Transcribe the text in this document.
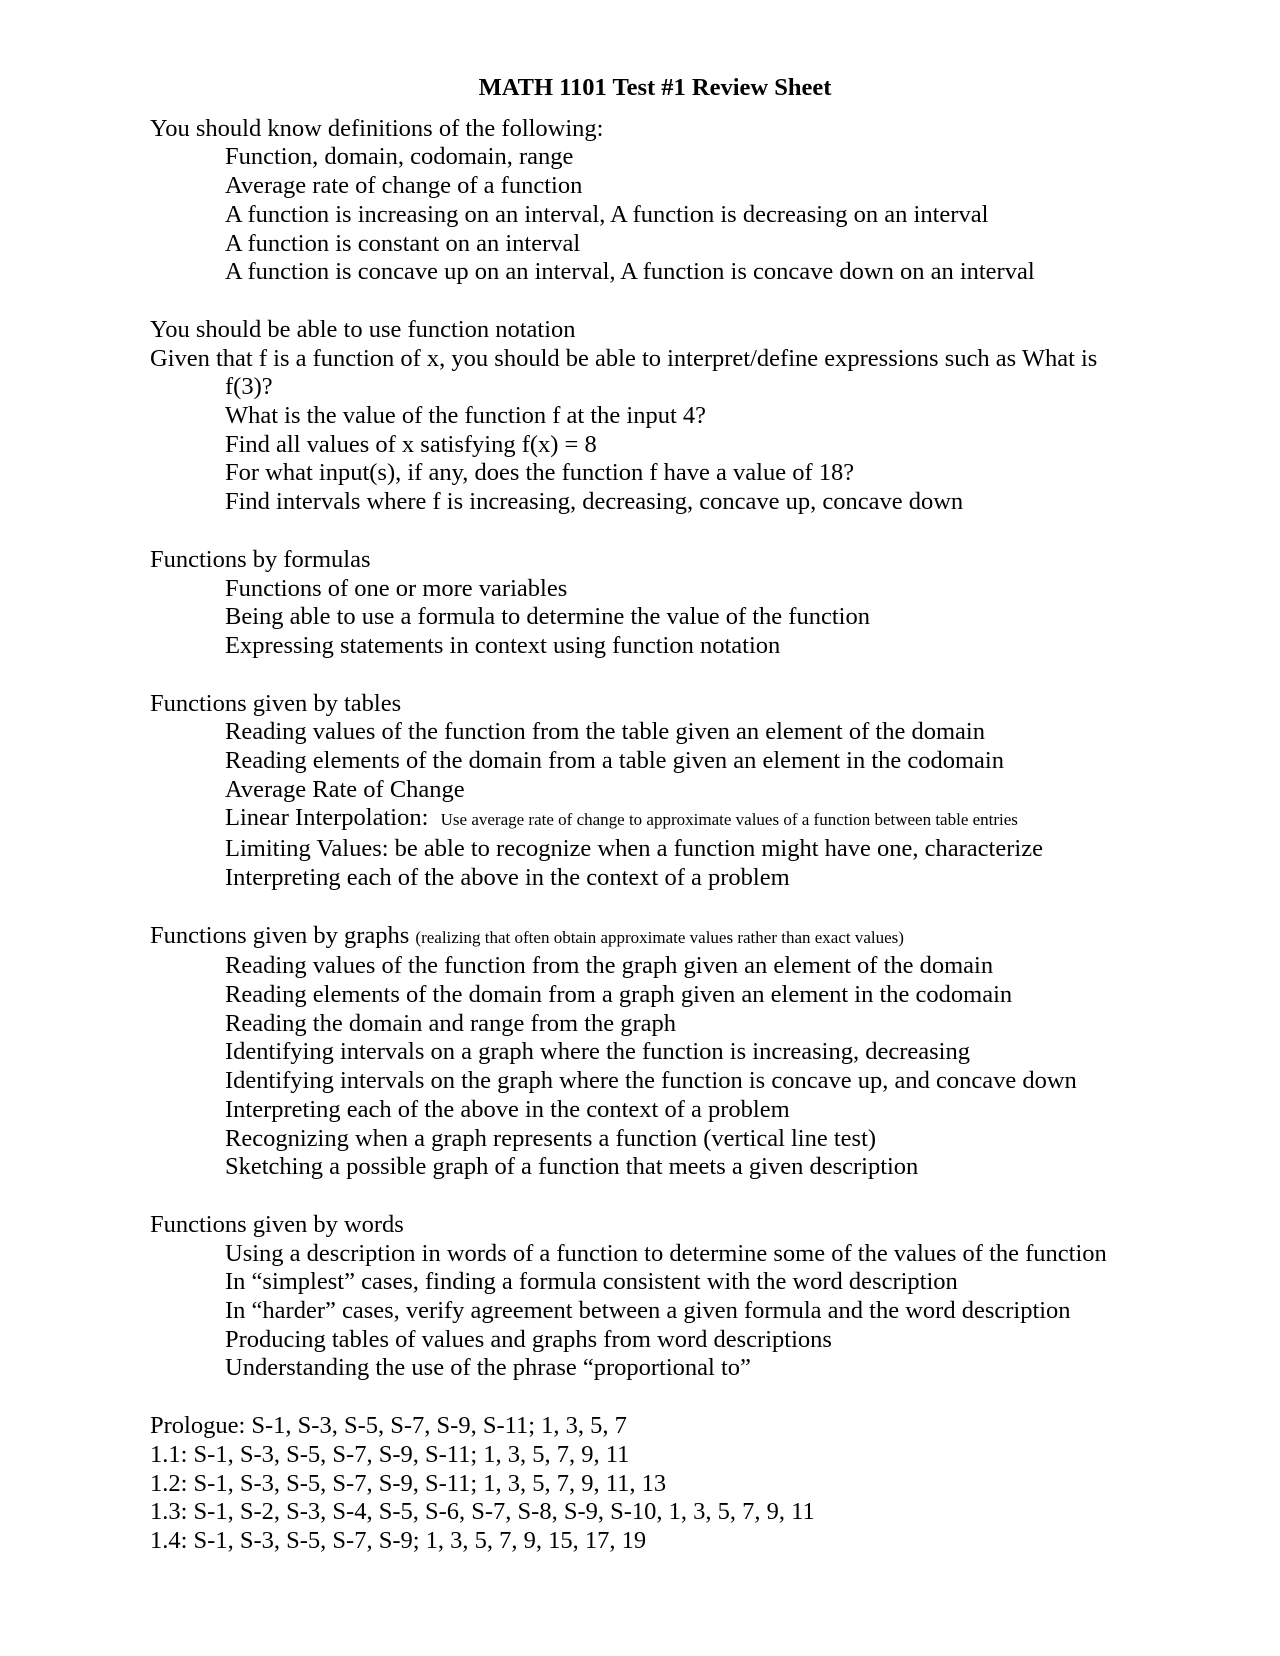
MATH 1101 Test #1 Review Sheet
You should know definitions of the following:
Function, domain, codomain, range
Average rate of change of a function
A function is increasing on an interval, A function is decreasing on an interval
A function is constant on an interval
A function is concave up on an interval, A function is concave down on an interval
You should be able to use function notation
Given that f is a function of x, you should be able to interpret/define expressions such as What is
f(3)?
What is the value of the function f at the input 4?
Find all values of x satisfying f(x) = 8
For what input(s), if any, does the function f have a value of 18?
Find intervals where f is increasing, decreasing, concave up, concave down
Functions by formulas
Functions of one or more variables
Being able to use a formula to determine the value of the function
Expressing statements in context using function notation
Functions given by tables
Reading values of the function from the table given an element of the domain
Reading elements of the domain from a table given an element in the codomain
Average Rate of Change
Linear Interpolation: Use average rate of change to approximate values of a function between table entries
Limiting Values: be able to recognize when a function might have one, characterize
Interpreting each of the above in the context of a problem
Functions given by graphs (realizing that often obtain approximate values rather than exact values)
Reading values of the function from the graph given an element of the domain
Reading elements of the domain from a graph given an element in the codomain
Reading the domain and range from the graph
Identifying intervals on a graph where the function is increasing, decreasing
Identifying intervals on the graph where the function is concave up, and concave down
Interpreting each of the above in the context of a problem
Recognizing when a graph represents a function (vertical line test)
Sketching a possible graph of a function that meets a given description
Functions given by words
Using a description in words of a function to determine some of the values of the function
In “simplest” cases, finding a formula consistent with the word description
In “harder” cases, verify agreement between a given formula and the word description
Producing tables of values and graphs from word descriptions
Understanding the use of the phrase “proportional to”
Prologue: S-1, S-3, S-5, S-7, S-9, S-11; 1, 3, 5, 7
1.1: S-1, S-3, S-5, S-7, S-9, S-11; 1, 3, 5, 7, 9, 11
1.2: S-1, S-3, S-5, S-7, S-9, S-11; 1, 3, 5, 7, 9, 11, 13
1.3: S-1, S-2, S-3, S-4, S-5, S-6, S-7, S-8, S-9, S-10, 1, 3, 5, 7, 9, 11
1.4: S-1, S-3, S-5, S-7, S-9; 1, 3, 5, 7, 9, 15, 17, 19
